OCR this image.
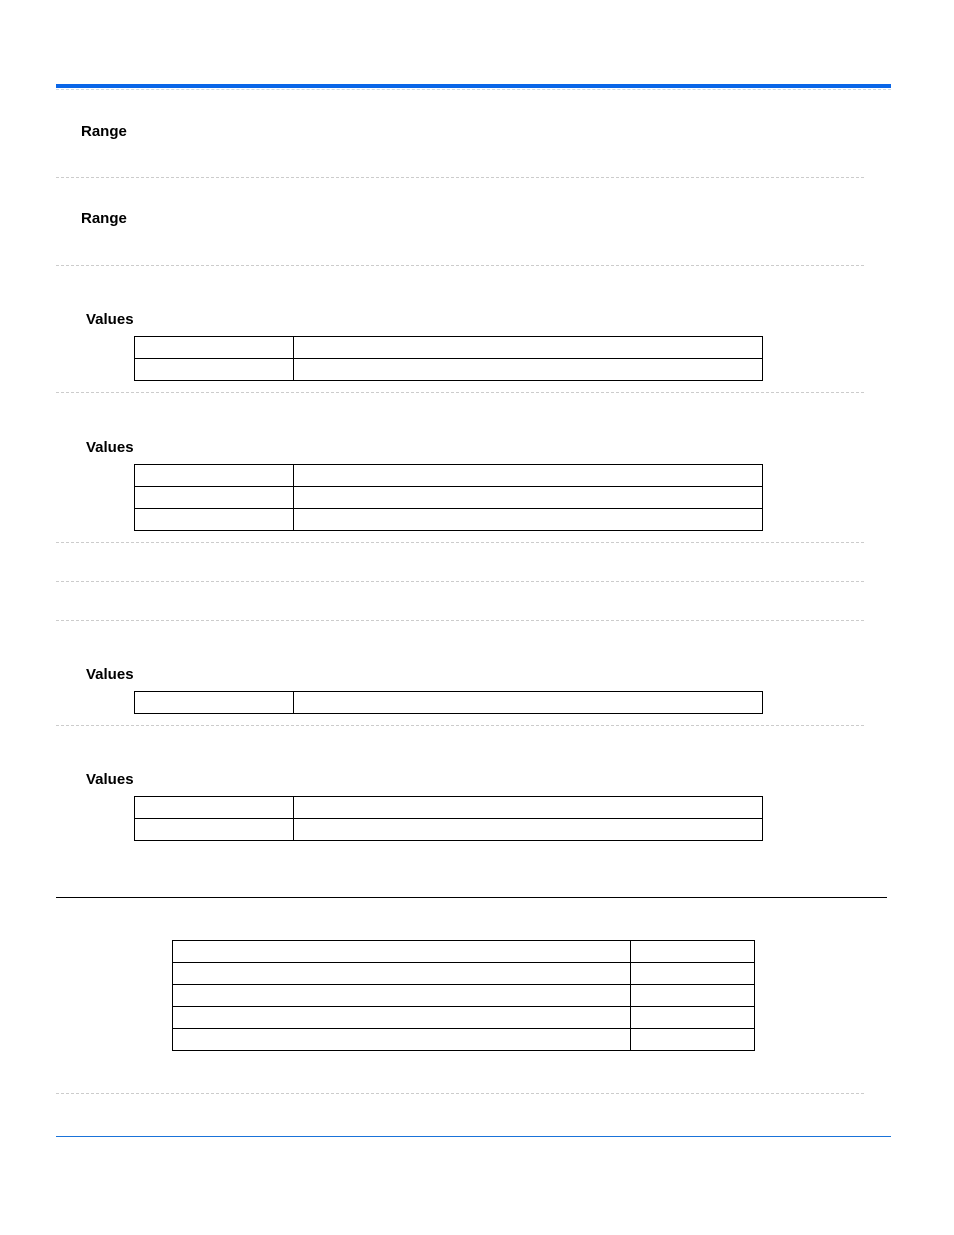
Range
Range
Values

Values

Values

Values
